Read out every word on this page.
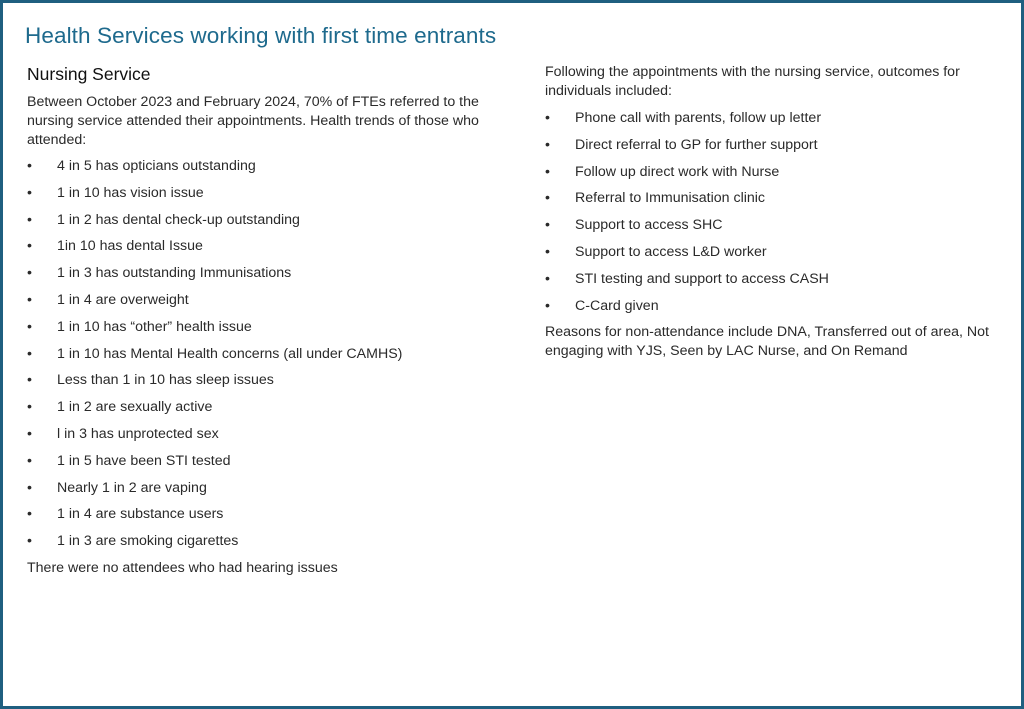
Health Services working with first time entrants

Nursing Service

Between October 2023 and February 2024, 70% of FTEs referred to the nursing service attended their appointments. Health trends of those who attended:

•	4 in 5 has opticians outstanding
•	1 in 10 has vision issue
•	1 in 2 has dental check-up outstanding
•	1in 10 has dental Issue
•	1 in 3 has outstanding Immunisations
•	1 in 4 are overweight
•	1 in 10 has “other” health issue
•	1 in 10 has Mental Health concerns (all under CAMHS)
•	Less than 1 in 10 has sleep issues
•	1 in 2 are sexually active
•	l in 3 has unprotected sex
•	1 in 5 have been STI tested
•	Nearly 1 in 2 are vaping
•	1 in 4 are substance users
•	1 in 3 are smoking cigarettes

There were no attendees who had hearing issues

Following the appointments with the nursing service, outcomes for individuals included:

•	Phone call with parents, follow up letter
•	Direct referral to GP for further support
•	Follow up direct work with Nurse
•	Referral to Immunisation clinic
•	Support to access SHC
•	Support to access L&D worker
•	STI testing and support to access CASH
•	C-Card given

Reasons for non-attendance include DNA, Transferred out of area, Not engaging with YJS, Seen by LAC Nurse, and On Remand
